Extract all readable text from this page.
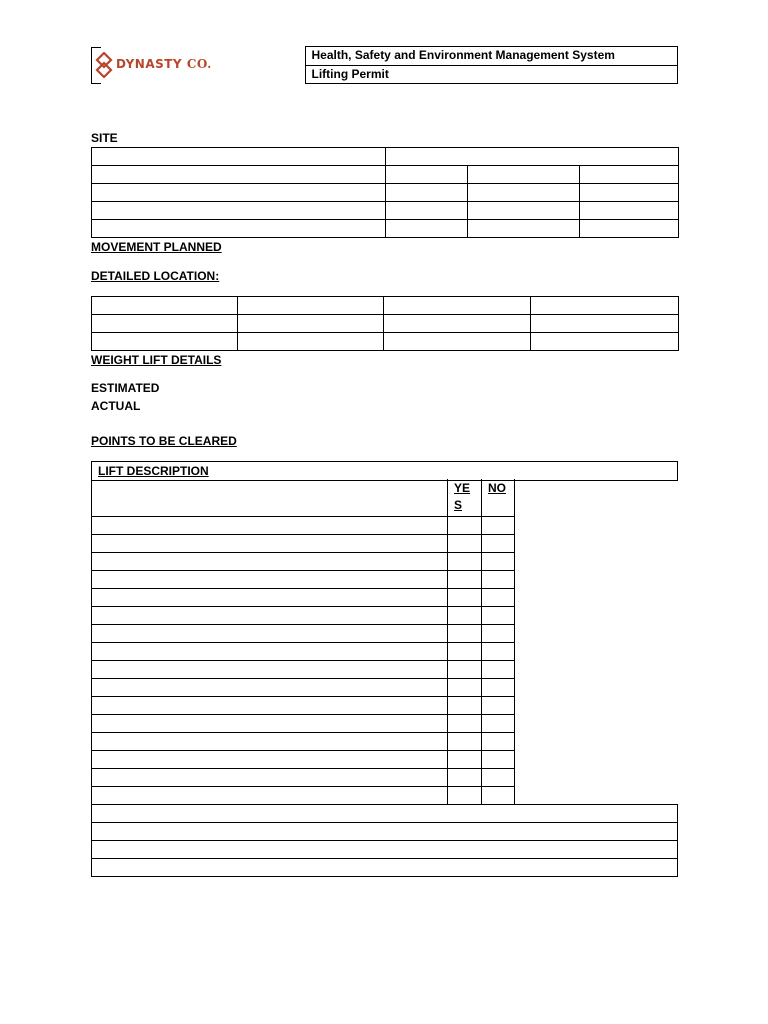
DYNASTY CO.
	Health, Safety and Environment Management System
Lifting Permit
SITE

MOVEMENT PLANNED
DETAILED LOCATION:

WEIGHT LIFT DETAILS
ESTIMATED
ACTUAL
POINTS TO BE CLEARED
LIFT DESCRIPTION
	YE
S	NO
